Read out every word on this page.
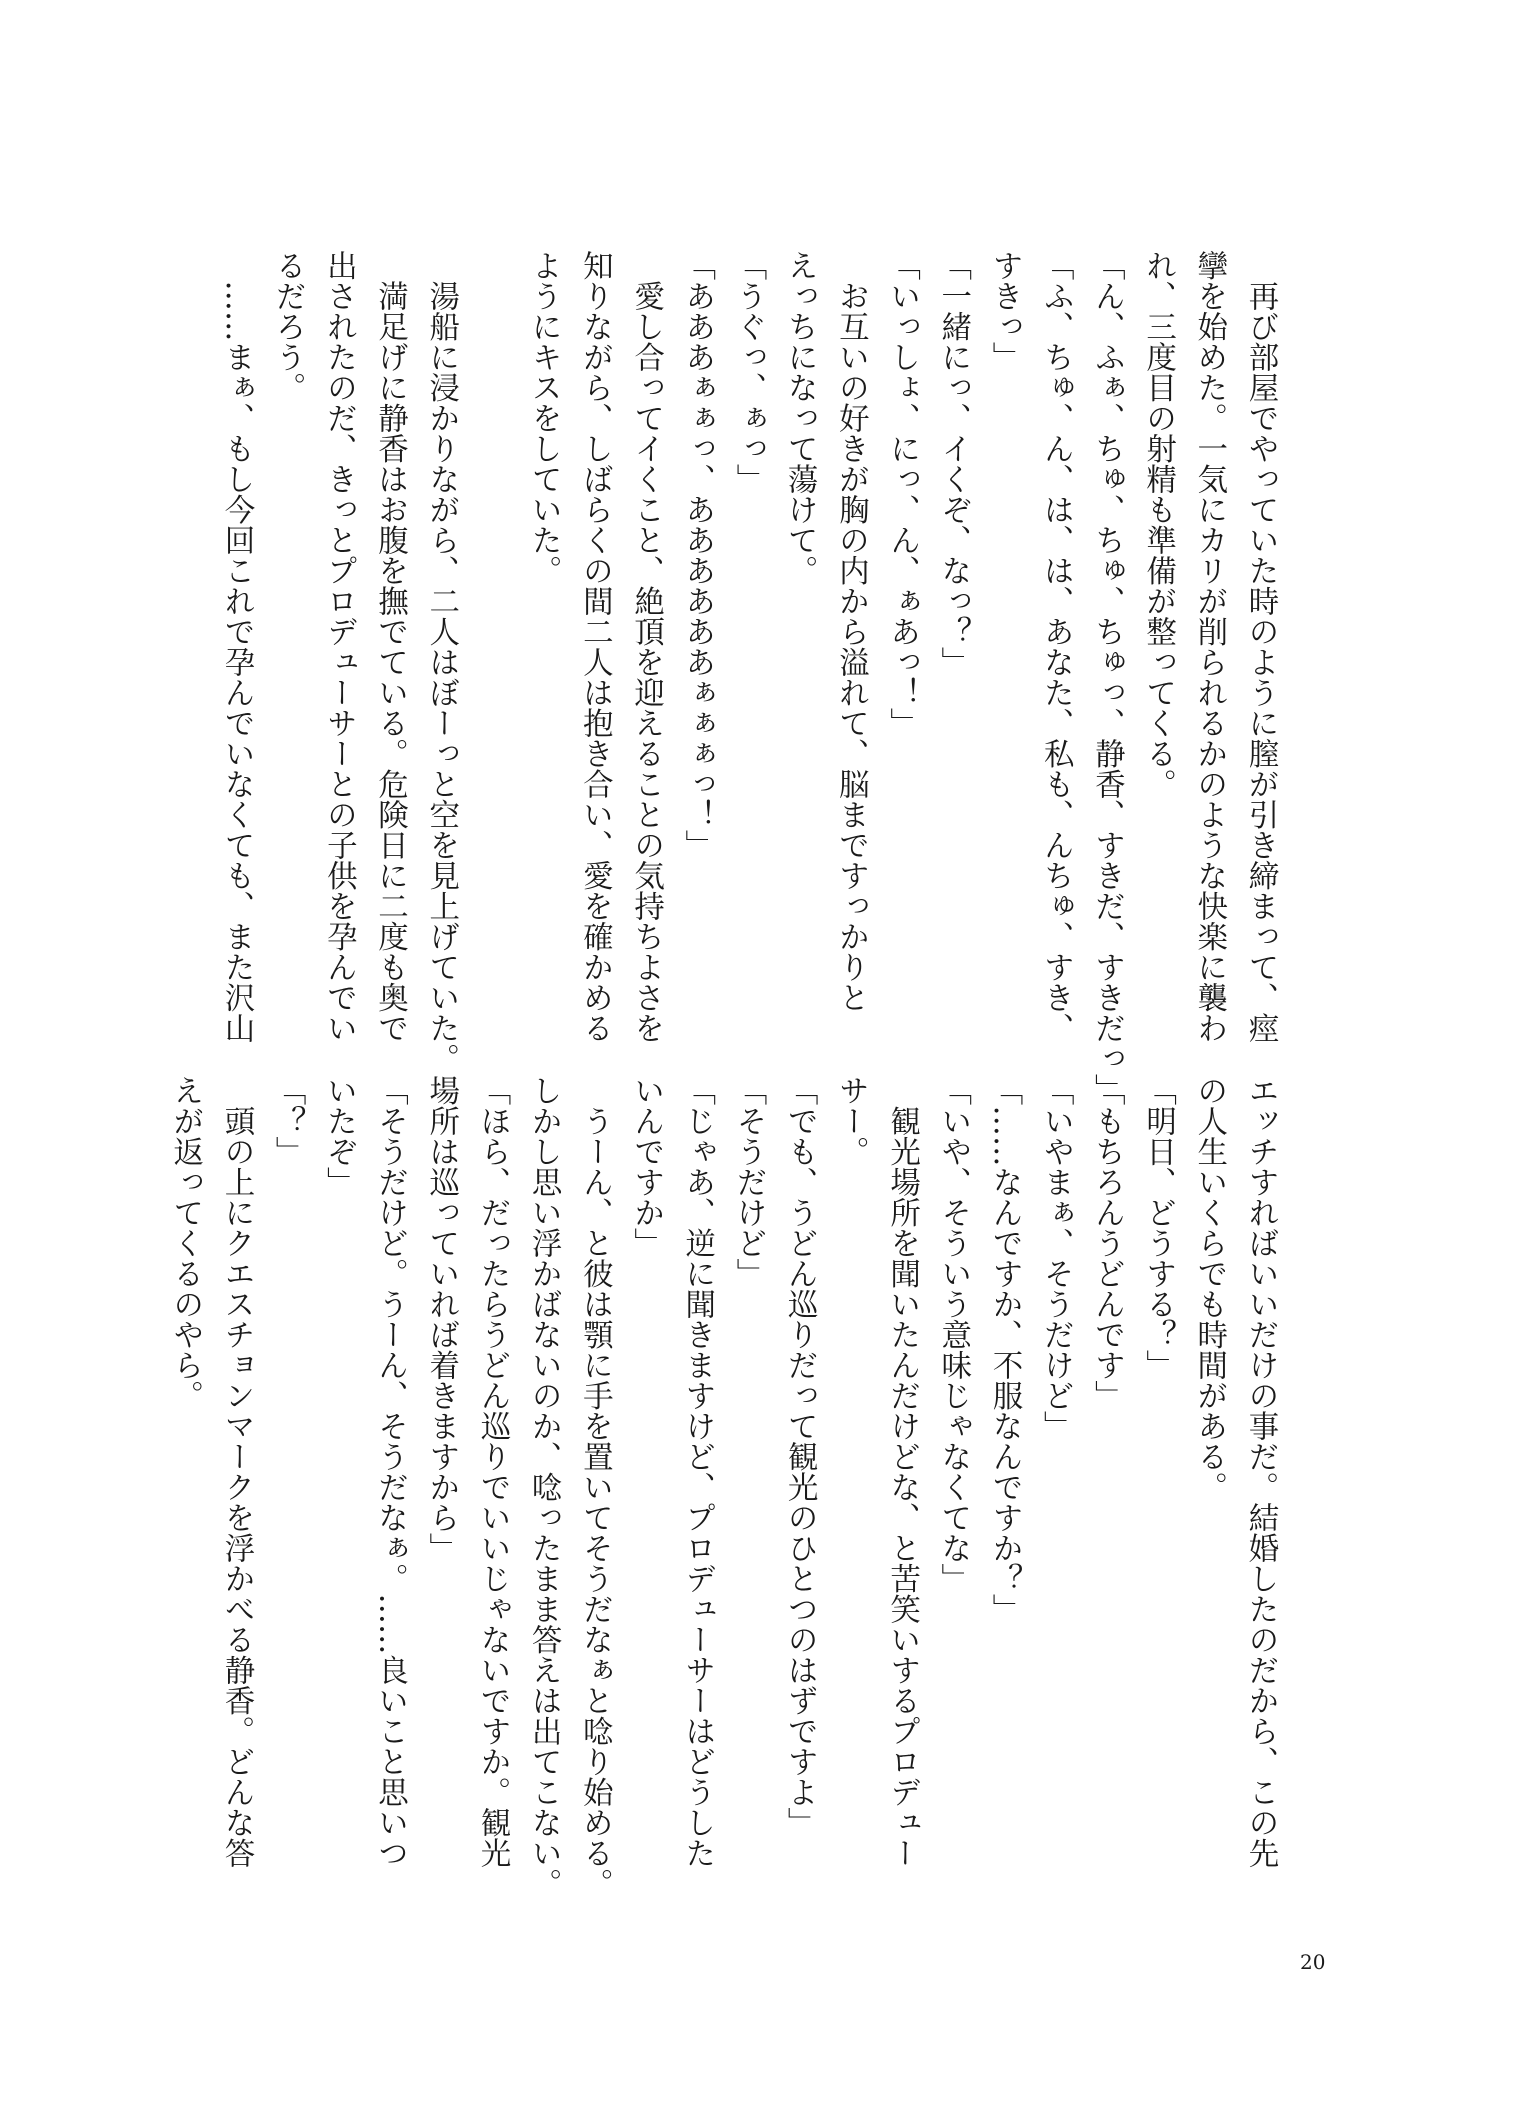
　再び部屋でやっていた時のように膣が引き締まって、痙
攣を始めた。一気にカリが削られるかのような快楽に襲わ
れ、三度目の射精も準備が整ってくる。
「ん、ふぁ、ちゅ、ちゅ、ちゅっ、静香、すきだ、すきだっ」
「ふ、ちゅ、ん、は、は、あなた、私も、んちゅ、すき、
すきっ」
「一緒にっ、イくぞ、なっ？」
「いっしょ、にっ、ん、ぁあっ！」
　お互いの好きが胸の内から溢れて、脳まですっかりと
えっちになって蕩けて。
「うぐっ、ぁっ」
「あああぁぁっ、ああああああぁぁぁっ！」
　愛し合ってイくこと、絶頂を迎えることの気持ちよさを
知りながら、しばらくの間二人は抱き合い、愛を確かめる
ようにキスをしていた。

　湯船に浸かりながら、二人はぼーっと空を見上げていた。
　満足げに静香はお腹を撫でている。危険日に二度も奥で
出されたのだ、きっとプロデューサーとの子供を孕んでい
るだろう。
　……まぁ、もし今回これで孕んでいなくても、また沢山
エッチすればいいだけの事だ。結婚したのだから、この先
の人生いくらでも時間がある。
「明日、どうする？」
「もちろんうどんです」
「いやまぁ、そうだけど」
「……なんですか、不服なんですか？」
「いや、そういう意味じゃなくてな」
　観光場所を聞いたんだけどな、と苦笑いするプロデュー
サー。
「でも、うどん巡りだって観光のひとつのはずですよ」
「そうだけど」
「じゃあ、逆に聞きますけど、プロデューサーはどうした
いんですか」
　うーん、と彼は顎に手を置いてそうだなぁと唸り始める。
しかし思い浮かばないのか、唸ったまま答えは出てこない。
「ほら、だったらうどん巡りでいいじゃないですか。観光
場所は巡っていれば着きますから」
「そうだけど。うーん、そうだなぁ。……良いこと思いつ
いたぞ」
「？」
　頭の上にクエスチョンマークを浮かべる静香。どんな答
えが返ってくるのやら。
20
